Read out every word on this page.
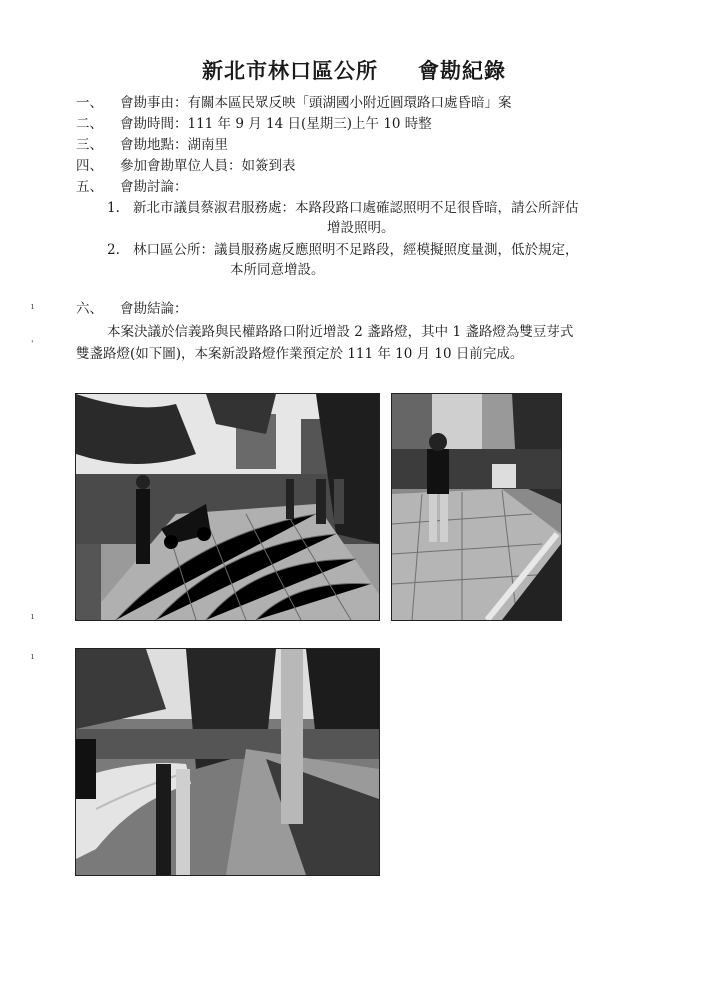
新北市林口區公所 會勘紀錄
一、 會勘事由：有關本區民眾反映「頭湖國小附近圓環路口處昏暗」案
二、 會勘時間：111 年 9 月 14 日(星期三)上午 10 時整
三、 會勘地點：湖南里
四、 參加會勘單位人員：如簽到表
五、 會勘討論：
1. 新北市議員蔡淑君服務處：本路段路口處確認照明不足很昏暗，請公所評估
增設照明。
2. 林口區公所：議員服務處反應照明不足路段，經模擬照度量測，低於規定，
本所同意增設。
六、 會勘結論：
本案決議於信義路與民權路路口附近增設 2 盞路燈，其中 1 盞路燈為雙豆芽式
雙盞路燈(如下圖)，本案新設路燈作業預定於 111 年 10 月 10 日前完成。
ı
'
ı
ı
